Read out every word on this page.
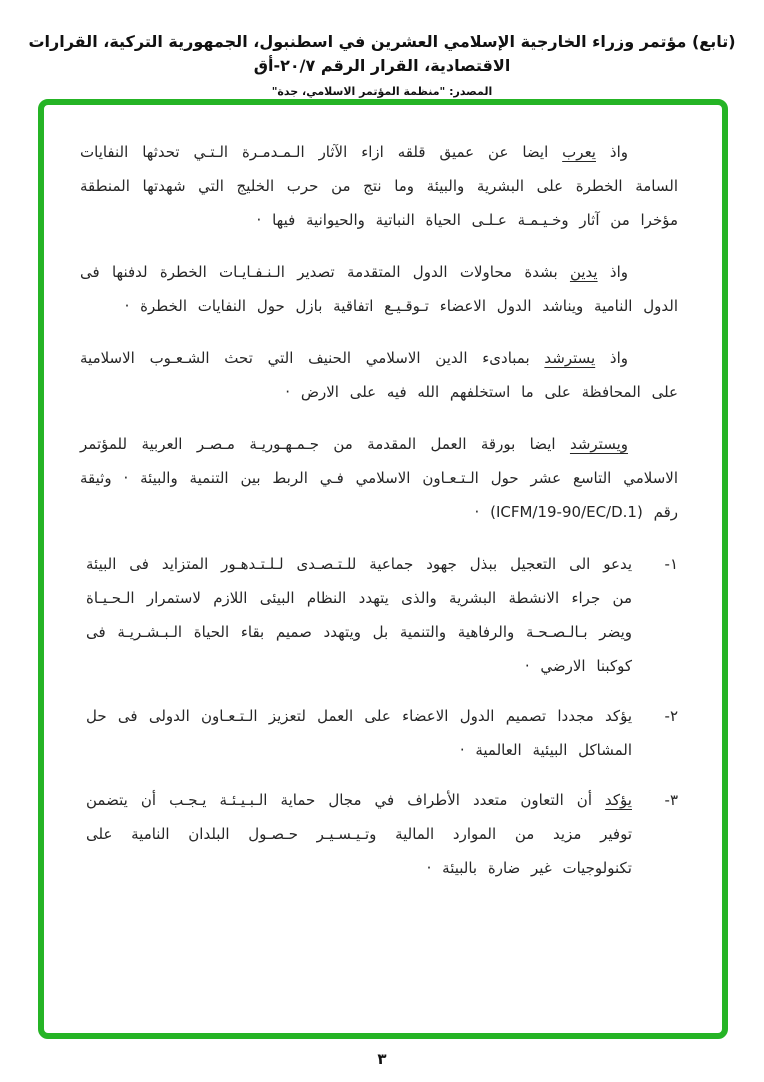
(تابع) مؤتمر وزراء الخارجية الإسلامي العشرين في اسطنبول، الجمهورية التركية، القرارات الاقتصادية، القرار الرقم ٢٠/٧-أق
المصدر: "منظمة المؤتمر الاسلامي، جدة"

واذ يعرب ايضا عن عميق قلقه ازاء الآثار الـمـدمـرة الـتـي تحدثها النفايات السامة الخطرة على البشرية والبيئة وما نتج من حرب الخليج التي شهدتها المنطقة مؤخرا من آثار وخـيـمـة عـلـى الحياة النباتية والحيوانية فيها ·

واذ يدين بشدة محاولات الدول المتقدمة تصدير الـنـفـايـات الخطرة لدفنها فى الدول النامية ويناشد الدول الاعضاء تـوقـيـع اتفاقية بازل حول النفايات الخطرة ·

واذ يسترشد بمبادىء الدين الاسلامي الحنيف التي تحث الشـعـوب الاسلامية على المحافظة على ما استخلفهم الله فيه على الارض ·

ويسترشد ايضا بورقة العمل المقدمة من جـمـهـوريـة مـصـر العربية للمؤتمر الاسلامي التاسع عشر حول الـتـعـاون الاسلامي فـي الربط بين التنمية والبيئة · وثيقة رقم (ICFM/19-90/EC/D.1) ·

١-
يدعو الى التعجيل ببذل جهود جماعية للـتـصـدى لـلـتـدهـور المتزايد فى البيئة من جراء الانشطة البشرية والذى يتهدد النظام البيئى اللازم لاستمرار الـحـيـاة ويضر بـالـصـحـة والرفاهية والتنمية بل ويتهدد صميم بقاء الحياة الـبـشـريـة فى كوكبنا الارضي ·
٢-
يؤكد مجددا تصميم الدول الاعضاء على العمل لتعزيز الـتـعـاون الدولى فى حل المشاكل البيئية العالمية ·
٣-
يؤكد أن التعاون متعدد الأطراف في مجال حماية الـبـيـئـة يـجـب أن يتضمن توفير مزيد من الموارد المالية وتـيـسـيـر حـصـول البلدان النامية على تكنولوجيات غير ضارة بالبيئة ·
٣
